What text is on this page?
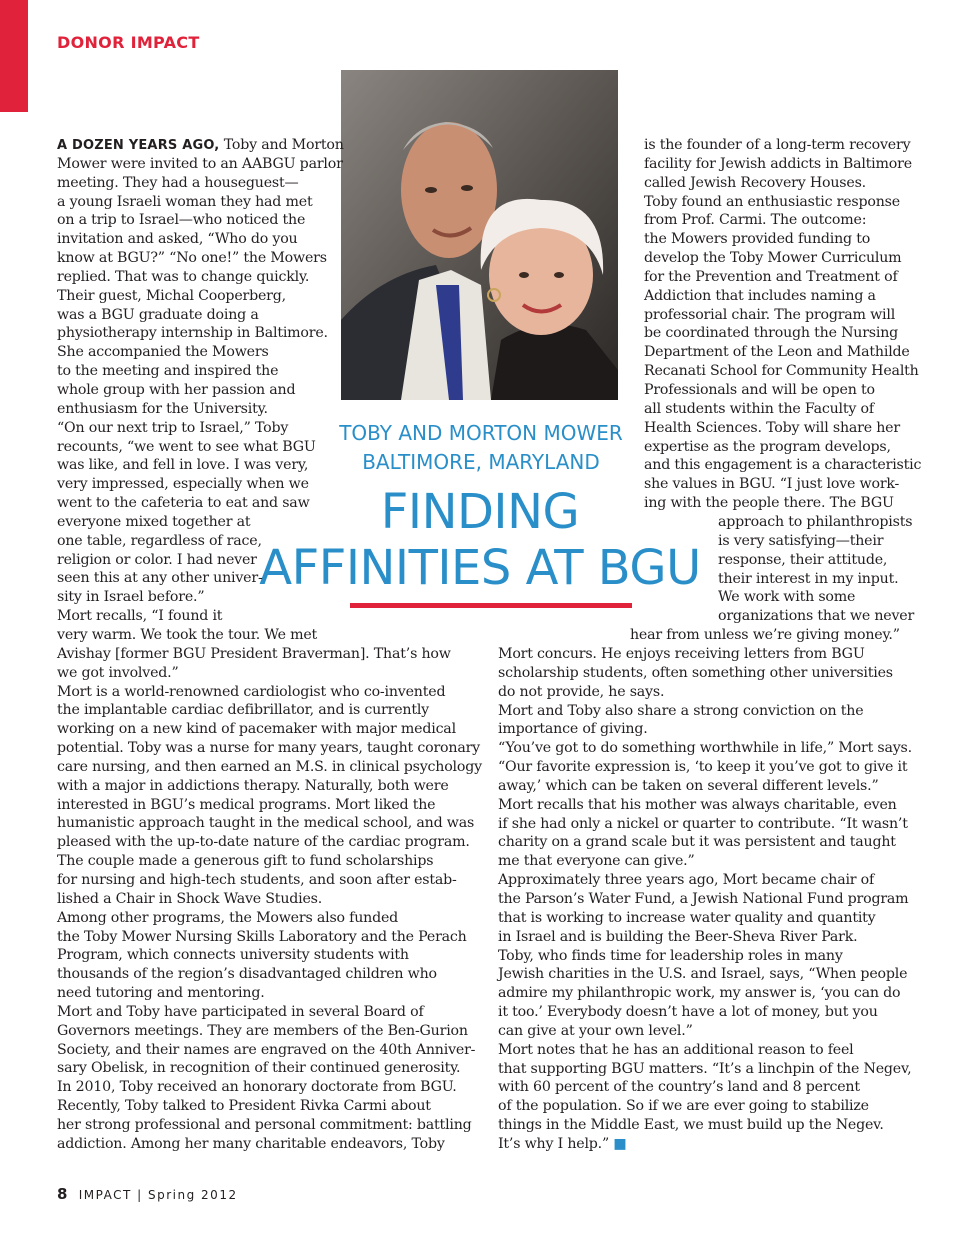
DONOR IMPACT
TOBY AND MORTON MOWER
BALTIMORE, MARYLAND
FINDING
AFFINITIES AT BGU
A DOZEN YEARS AGO, Toby and Morton
Mower were invited to an AABGU parlor
meeting. They had a houseguest—
a young Israeli woman they had met
on a trip to Israel—who noticed the
invitation and asked, “Who do you
know at BGU?” “No one!” the Mowers
replied. That was to change quickly.
Their guest, Michal Cooperberg,
was a BGU graduate doing a
physiotherapy internship in Baltimore.
She accompanied the Mowers
to the meeting and inspired the
whole group with her passion and
enthusiasm for the University.
“On our next trip to Israel,” Toby
recounts, “we went to see what BGU
was like, and fell in love. I was very,
very impressed, especially when we
went to the cafeteria to eat and saw
everyone mixed together at
one table, regardless of race,
religion or color. I had never
seen this at any other univer-
sity in Israel before.”
Mort recalls, “I found it
very warm. We took the tour. We met
Avishay [former BGU President Braverman]. That’s how
we got involved.”
Mort is a world-renowned cardiologist who co-invented
the implantable cardiac defibrillator, and is currently
working on a new kind of pacemaker with major medical
potential. Toby was a nurse for many years, taught coronary
care nursing, and then earned an M.S. in clinical psychology
with a major in addictions therapy. Naturally, both were
interested in BGU’s medical programs. Mort liked the
humanistic approach taught in the medical school, and was
pleased with the up-to-date nature of the cardiac program.
The couple made a generous gift to fund scholarships
for nursing and high-tech students, and soon after estab-
lished a Chair in Shock Wave Studies.
Among other programs, the Mowers also funded
the Toby Mower Nursing Skills Laboratory and the Perach
Program, which connects university students with
thousands of the region’s disadvantaged children who
need tutoring and mentoring.
Mort and Toby have participated in several Board of
Governors meetings. They are members of the Ben-Gurion
Society, and their names are engraved on the 40th Anniver-
sary Obelisk, in recognition of their continued generosity.
In 2010, Toby received an honorary doctorate from BGU.
Recently, Toby talked to President Rivka Carmi about
her strong professional and personal commitment: battling
addiction. Among her many charitable endeavors, Toby
is the founder of a long-term recovery
facility for Jewish addicts in Baltimore
called Jewish Recovery Houses.
Toby found an enthusiastic response
from Prof. Carmi. The outcome:
the Mowers provided funding to
develop the Toby Mower Curriculum
for the Prevention and Treatment of
Addiction that includes naming a
professorial chair. The program will
be coordinated through the Nursing
Department of the Leon and Mathilde
Recanati School for Community Health
Professionals and will be open to
all students within the Faculty of
Health Sciences. Toby will share her
expertise as the program develops,
and this engagement is a characteristic
she values in BGU. “I just love work-
ing with the people there. The BGU
approach to philanthropists
is very satisfying—their
response, their attitude,
their interest in my input.
We work with some
organizations that we never
hear from unless we’re giving money.”
Mort concurs. He enjoys receiving letters from BGU
scholarship students, often something other universities
do not provide, he says.
Mort and Toby also share a strong conviction on the
importance of giving.
“You’ve got to do something worthwhile in life,” Mort says.
“Our favorite expression is, ‘to keep it you’ve got to give it
away,’ which can be taken on several different levels.”
Mort recalls that his mother was always charitable, even
if she had only a nickel or quarter to contribute. “It wasn’t
charity on a grand scale but it was persistent and taught
me that everyone can give.”
Approximately three years ago, Mort became chair of
the Parson’s Water Fund, a Jewish National Fund program
that is working to increase water quality and quantity
in Israel and is building the Beer-Sheva River Park.
Toby, who finds time for leadership roles in many
Jewish charities in the U.S. and Israel, says, “When people
admire my philanthropic work, my answer is, ‘you can do
it too.’ Everybody doesn’t have a lot of money, but you
can give at your own level.”
Mort notes that he has an additional reason to feel
that supporting BGU matters. “It’s a linchpin of the Negev,
with 60 percent of the country’s land and 8 percent
of the population. So if we are ever going to stabilize
things in the Middle East, we must build up the Negev.
It’s why I help.” ■
8 IMPACT | Spring 2012
